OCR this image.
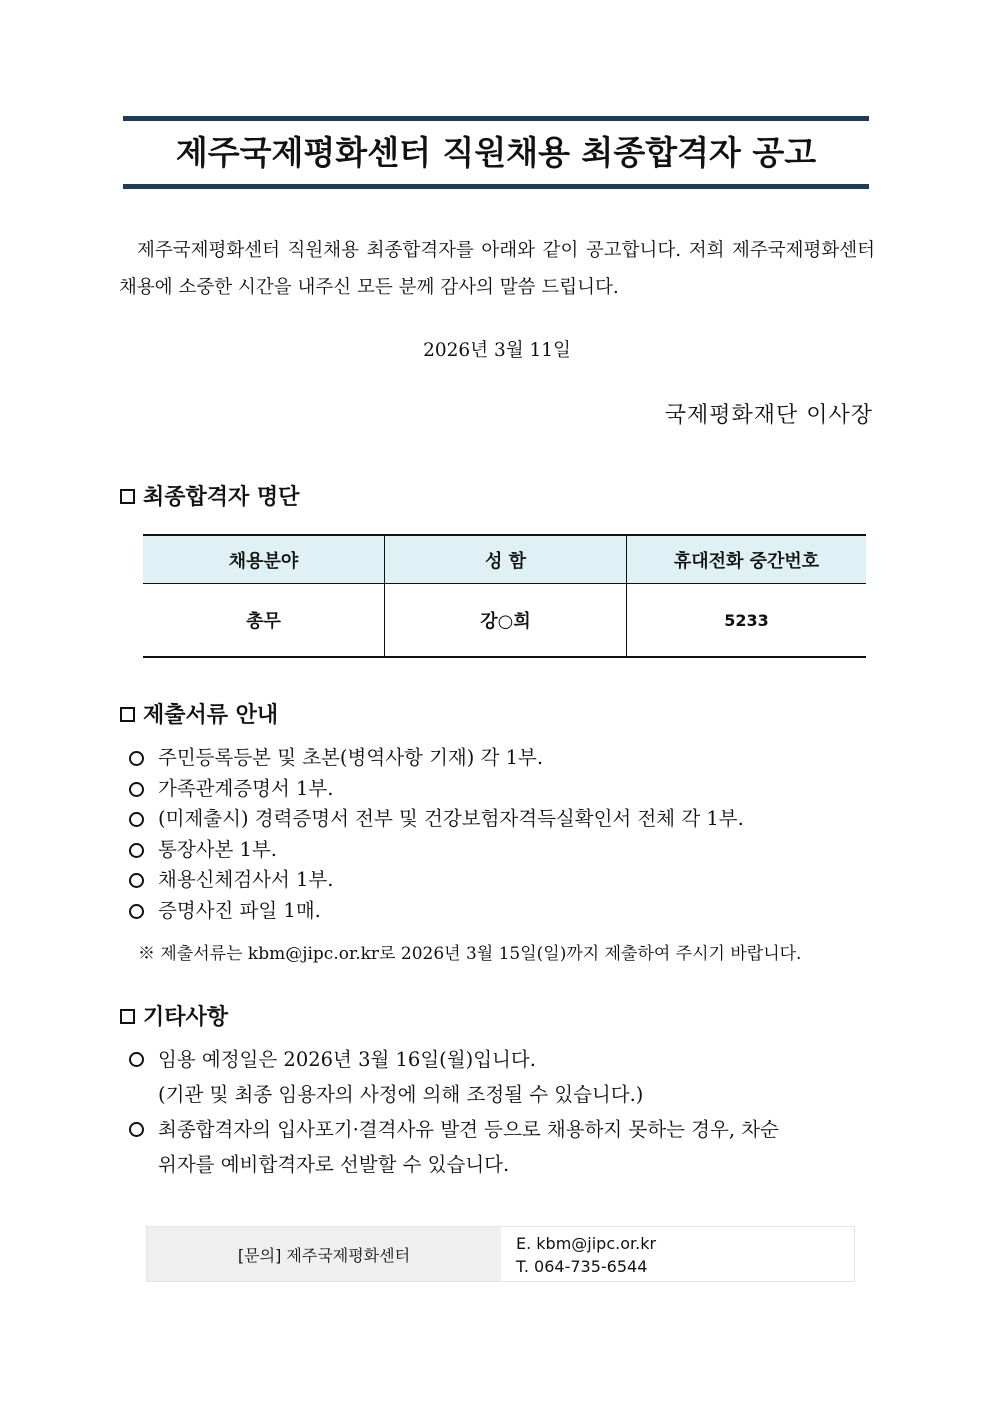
제주국제평화센터 직원채용 최종합격자 공고

제주국제평화센터 직원채용 최종합격자를 아래와 같이 공고합니다. 저희 제주국제평화센터 채용에 소중한 시간을 내주신 모든 분께 감사의 말씀 드립니다.

2026년 3월 11일
국제평화재단 이사장
최종합격자 명단
채용분야	성 함	휴대전화 중간번호
총무	강○희	5233
제출서류 안내
주민등록등본 및 초본(병역사항 기재) 각 1부.
가족관계증명서 1부.
(미제출시) 경력증명서 전부 및 건강보험자격득실확인서 전체 각 1부.
통장사본 1부.
채용신체검사서 1부.
증명사진 파일 1매.
※ 제출서류는 kbm@jipc.or.kr로 2026년 3월 15일(일)까지 제출하여 주시기 바랍니다.
기타사항
임용 예정일은 2026년 3월 16일(월)입니다.
(기관 및 최종 임용자의 사정에 의해 조정될 수 있습니다.)
최종합격자의 입사포기·결격사유 발견 등으로 채용하지 못하는 경우, 차순
위자를 예비합격자로 선발할 수 있습니다.
[문의] 제주국제평화센터
E. kbm@jipc.or.kr
T. 064-735-6544
